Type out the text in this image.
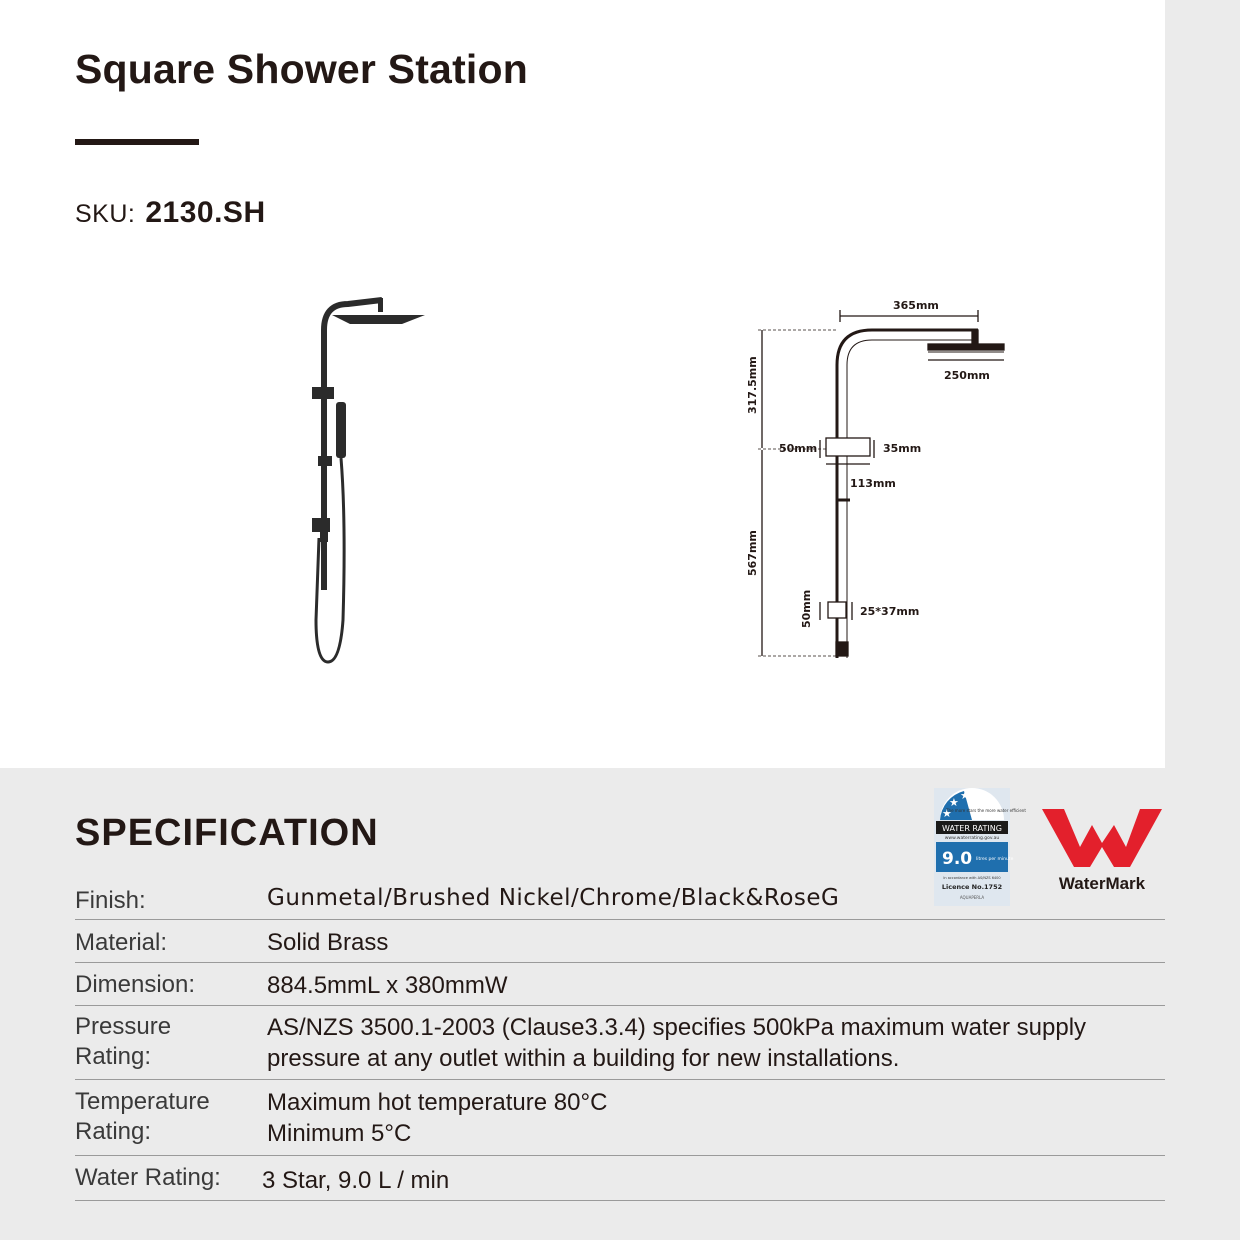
Square Shower Station
SKU: 2130.SH
365mm
250mm
317.5mm
567mm
50mm	35mm
113mm
50mm	25*37mm
SPECIFICATION	★
★
★
The more stars the more water efficient
WATER RATING
www.waterrating.gov.au
9.0 litres per minute
In accordance with AS/NZS 6400
Licence No.1752
AQUAPERLA
WaterMark
Finish:	Gunmetal/Brushed Nickel/Chrome/Black&RoseG
Material:	Solid Brass
Dimension:	884.5mmL x 380mmW
Pressure Rating:
AS/NZS 3500.1-2003 (Clause3.3.4) specifies 500kPa maximum water supply pressure at any outlet within a building for new installations.
Temperature Rating:
Maximum hot temperature 80°C Minimum 5°C
Water Rating: 3 Star, 9.0 L / min
